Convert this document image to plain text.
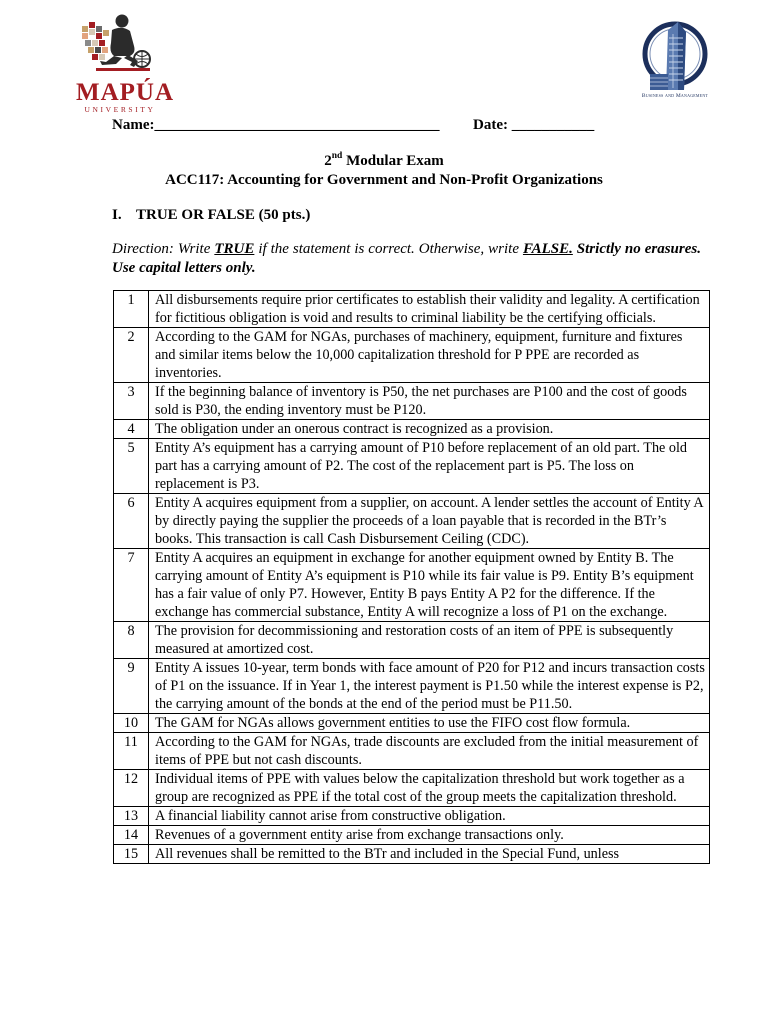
MAPÚA
UNIVERSITY
Business and Management
Name:______________________________________ Date: ___________
2nd Modular Exam
ACC117: Accounting for Government and Non-Profit Organizations
I. TRUE OR FALSE (50 pts.)
Direction: Write TRUE if the statement is correct. Otherwise, write FALSE. Strictly no erasures. Use capital letters only.
1	All disbursements require prior certificates to establish their validity and legality. A certification for fictitious obligation is void and results to criminal liability be the certifying officials.
2	According to the GAM for NGAs, purchases of machinery, equipment, furniture and fixtures and similar items below the 10,000 capitalization threshold for P PPE are recorded as inventories.
3	If the beginning balance of inventory is P50, the net purchases are P100 and the cost of goods sold is P30, the ending inventory must be P120.
4	The obligation under an onerous contract is recognized as a provision.
5	Entity A’s equipment has a carrying amount of P10 before replacement of an old part. The old part has a carrying amount of P2. The cost of the replacement part is P5. The loss on replacement is P3.
6	Entity A acquires equipment from a supplier, on account. A lender settles the account of Entity A by directly paying the supplier the proceeds of a loan payable that is recorded in the BTr’s books. This transaction is call Cash Disbursement Ceiling (CDC).
7	Entity A acquires an equipment in exchange for another equipment owned by Entity B. The carrying amount of Entity A’s equipment is P10 while its fair value is P9. Entity B’s equipment has a fair value of only P7. However, Entity B pays Entity A P2 for the difference. If the exchange has commercial substance, Entity A will recognize a loss of P1 on the exchange.
8	The provision for decommissioning and restoration costs of an item of PPE is subsequently measured at amortized cost.
9	Entity A issues 10-year, term bonds with face amount of P20 for P12 and incurs transaction costs of P1 on the issuance. If in Year 1, the interest payment is P1.50 while the interest expense is P2, the carrying amount of the bonds at the end of the period must be P11.50.
10	The GAM for NGAs allows government entities to use the FIFO cost flow formula.
11	According to the GAM for NGAs, trade discounts are excluded from the initial measurement of items of PPE but not cash discounts.
12	Individual items of PPE with values below the capitalization threshold but work together as a group are recognized as PPE if the total cost of the group meets the capitalization threshold.
13	A financial liability cannot arise from constructive obligation.
14	Revenues of a government entity arise from exchange transactions only.
15	All revenues shall be remitted to the BTr and included in the Special Fund, unless
